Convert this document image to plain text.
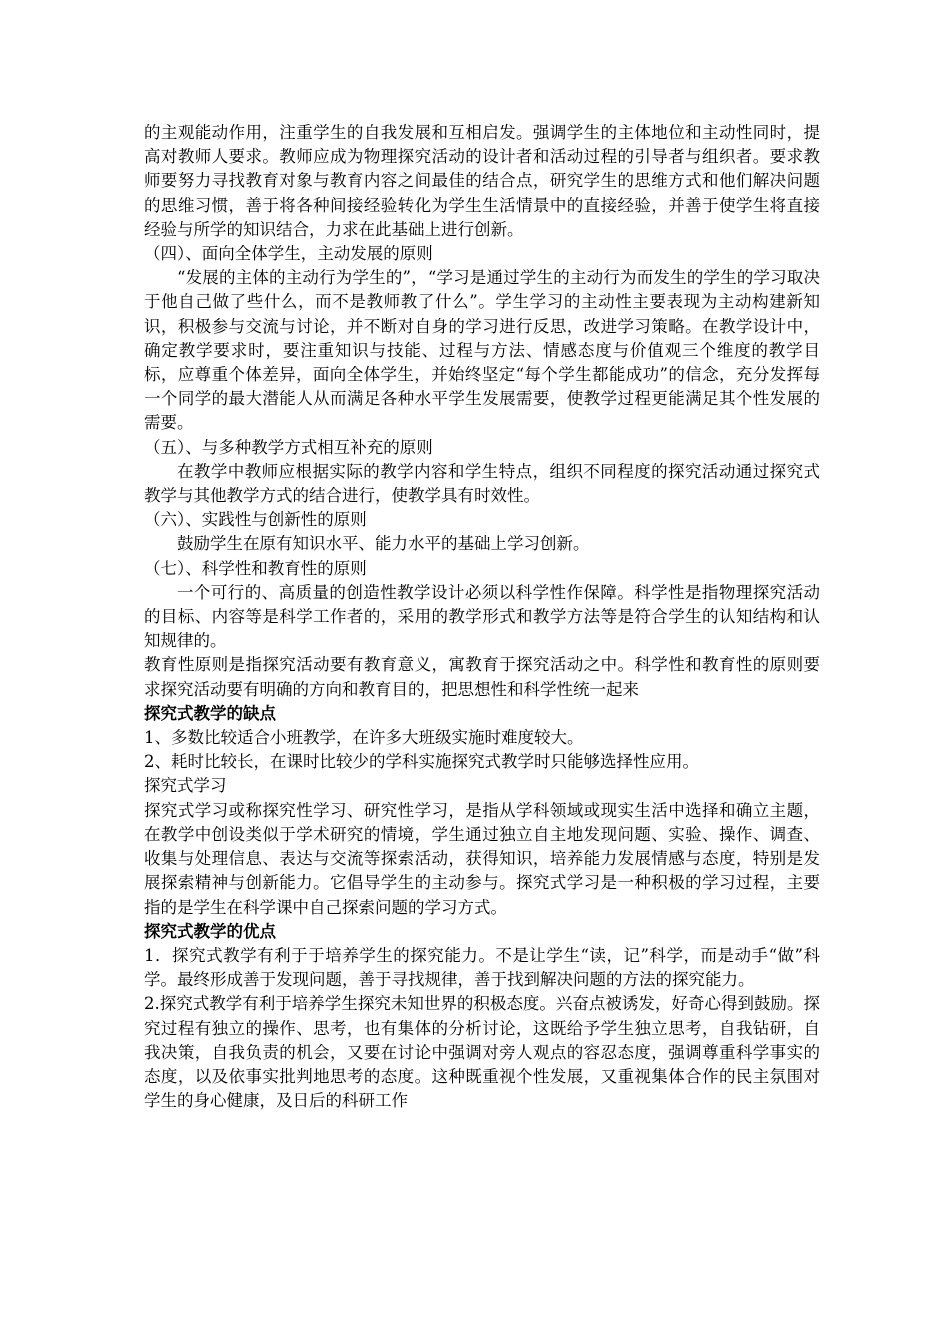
的主观能动作用，注重学生的自我发展和互相启发。强调学生的主体地位和主动性同时，提高对教师人要求。教师应成为物理探究活动的设计者和活动过程的引导者与组织者。要求教师要努力寻找教育对象与教育内容之间最佳的结合点，研究学生的思维方式和他们解决问题的思维习惯，善于将各种间接经验转化为学生生活情景中的直接经验，并善于使学生将直接经验与所学的知识结合，力求在此基础上进行创新。

（四）、面向全体学生，主动发展的原则

“发展的主体的主动行为学生的”，“学习是通过学生的主动行为而发生的学生的学习取决于他自己做了些什么，而不是教师教了什么”。学生学习的主动性主要表现为主动构建新知识，积极参与交流与讨论，并不断对自身的学习进行反思，改进学习策略。在教学设计中，确定教学要求时，要注重知识与技能、过程与方法、情感态度与价值观三个维度的教学目标，应尊重个体差异，面向全体学生，并始终坚定“每个学生都能成功”的信念，充分发挥每一个同学的最大潜能人从而满足各种水平学生发展需要，使教学过程更能满足其个性发展的需要。

（五）、与多种教学方式相互补充的原则

在教学中教师应根据实际的教学内容和学生特点，组织不同程度的探究活动通过探究式教学与其他教学方式的结合进行，使教学具有时效性。

（六）、实践性与创新性的原则

鼓励学生在原有知识水平、能力水平的基础上学习创新。

（七）、科学性和教育性的原则

一个可行的、高质量的创造性教学设计必须以科学性作保障。科学性是指物理探究活动的目标、内容等是科学工作者的，采用的教学形式和教学方法等是符合学生的认知结构和认知规律的。

教育性原则是指探究活动要有教育意义，寓教育于探究活动之中。科学性和教育性的原则要求探究活动要有明确的方向和教育目的，把思想性和科学性统一起来

探究式教学的缺点

1、多数比较适合小班教学，在许多大班级实施时难度较大。

2、耗时比较长，在课时比较少的学科实施探究式教学时只能够选择性应用。

探究式学习

探究式学习或称探究性学习、研究性学习，是指从学科领域或现实生活中选择和确立主题，在教学中创设类似于学术研究的情境，学生通过独立自主地发现问题、实验、操作、调查、收集与处理信息、表达与交流等探索活动，获得知识，培养能力发展情感与态度，特别是发展探索精神与创新能力。它倡导学生的主动参与。探究式学习是一种积极的学习过程，主要指的是学生在科学课中自己探索问题的学习方式。

探究式教学的优点

1．探究式教学有利于于培养学生的探究能力。不是让学生“读，记”科学，而是动手“做”科学。最终形成善于发现问题，善于寻找规律，善于找到解决问题的方法的探究能力。

2.探究式教学有利于培养学生探究未知世界的积极态度。兴奋点被诱发，好奇心得到鼓励。探究过程有独立的操作、思考，也有集体的分析讨论，这既给予学生独立思考，自我钻研，自我决策，自我负责的机会，又要在讨论中强调对旁人观点的容忍态度，强调尊重科学事实的态度，以及依事实批判地思考的态度。这种既重视个性发展，又重视集体合作的民主氛围对学生的身心健康，及日后的科研工作
